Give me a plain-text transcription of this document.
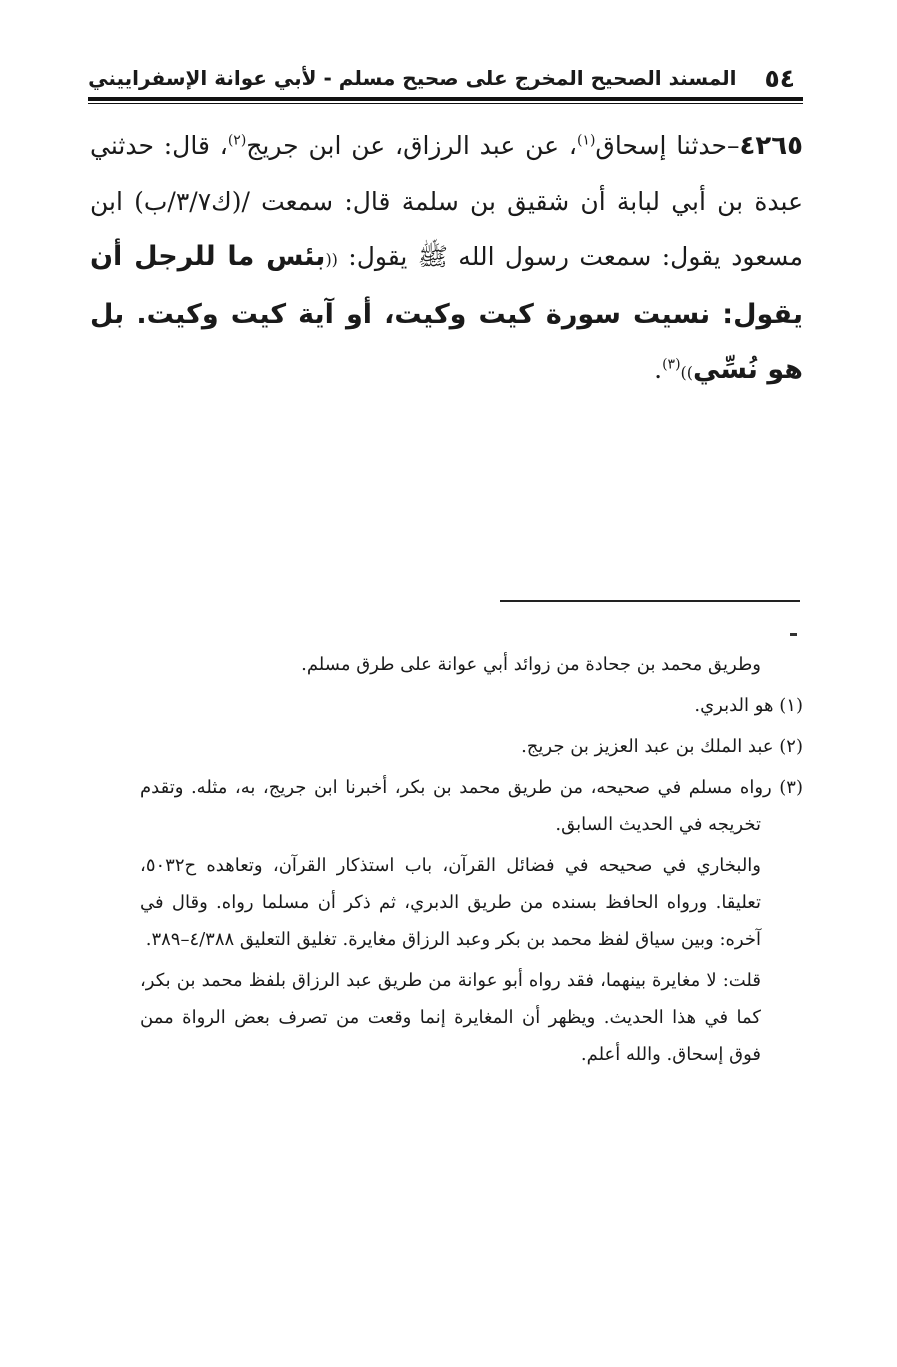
٥٤
المسند الصحيح المخرج على صحيح مسلم - لأبي عوانة الإسفراييني

٤٢٦٥–حدثنا إسحاق$^{(١)}$، عن عبد الرزاق، عن ابن جريج$^{(٢)}$، قال: حدثني عبدة بن أبي لبابة أن شقيق بن سلمة قال: سمعت /(ك٣/٧/ب) ابن مسعود يقول: سمعت رسول الله ﷺ يقول: ((بئس ما للرجل أن يقول: نسيت سورة كيت وكيت، أو آية كيت وكيت. بل هو نُسِّي))$^{(٣)}$.

وطريق محمد بن جحادة من زوائد أبي عوانة على طرق مسلم.

(١) هو الدبري.

(٢) عبد الملك بن عبد العزيز بن جريج.

(٣) رواه مسلم في صحيحه، من طريق محمد بن بكر، أخبرنا ابن جريج، به، مثله. وتقدم تخريجه في الحديث السابق.

والبخاري في صحيحه في فضائل القرآن، باب استذكار القرآن، وتعاهده ح٥٠٣٢، تعليقا. ورواه الحافظ بسنده من طريق الدبري، ثم ذكر أن مسلما رواه. وقال في آخره: وبين سياق لفظ محمد بن بكر وعبد الرزاق مغايرة. تغليق التعليق ٤/٣٨٨–٣٨٩.

قلت: لا مغايرة بينهما، فقد رواه أبو عوانة من طريق عبد الرزاق بلفظ محمد بن بكر، كما في هذا الحديث. ويظهر أن المغايرة إنما وقعت من تصرف بعض الرواة ممن فوق إسحاق. والله أعلم.
